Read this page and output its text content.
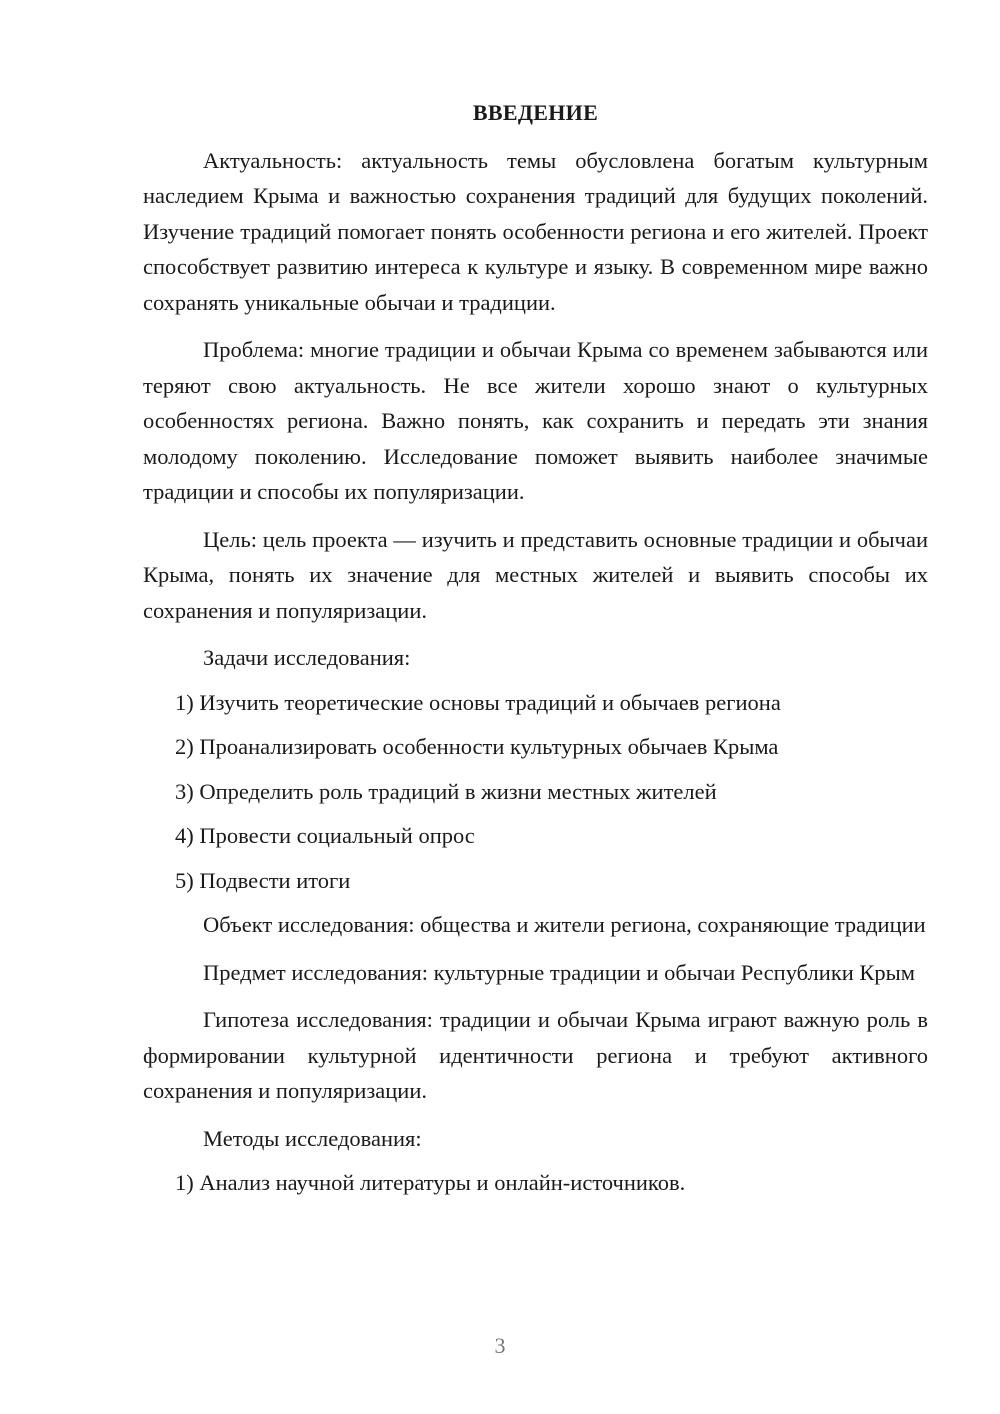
ВВЕДЕНИЕ

Актуальность: актуальность темы обусловлена богатым культурным наследием Крыма и важностью сохранения традиций для будущих поколений. Изучение традиций помогает понять особенности региона и его жителей. Проект способствует развитию интереса к культуре и языку. В современном мире важно сохранять уникальные обычаи и традиции.

Проблема: многие традиции и обычаи Крыма со временем забываются или теряют свою актуальность. Не все жители хорошо знают о культурных особенностях региона. Важно понять, как сохранить и передать эти знания молодому поколению. Исследование поможет выявить наиболее значимые традиции и способы их популяризации.

Цель: цель проекта — изучить и представить основные традиции и обычаи Крыма, понять их значение для местных жителей и выявить способы их сохранения и популяризации.

Задачи исследования:
1) Изучить теоретические основы традиций и обычаев региона
2) Проанализировать особенности культурных обычаев Крыма
3) Определить роль традиций в жизни местных жителей
4) Провести социальный опрос
5) Подвести итоги

Объект исследования: общества и жители региона, сохраняющие традиции

Предмет исследования: культурные традиции и обычаи Республики Крым

Гипотеза исследования: традиции и обычаи Крыма играют важную роль в формировании культурной идентичности региона и требуют активного сохранения и популяризации.

Методы исследования:
1) Анализ научной литературы и онлайн-источников.
3
